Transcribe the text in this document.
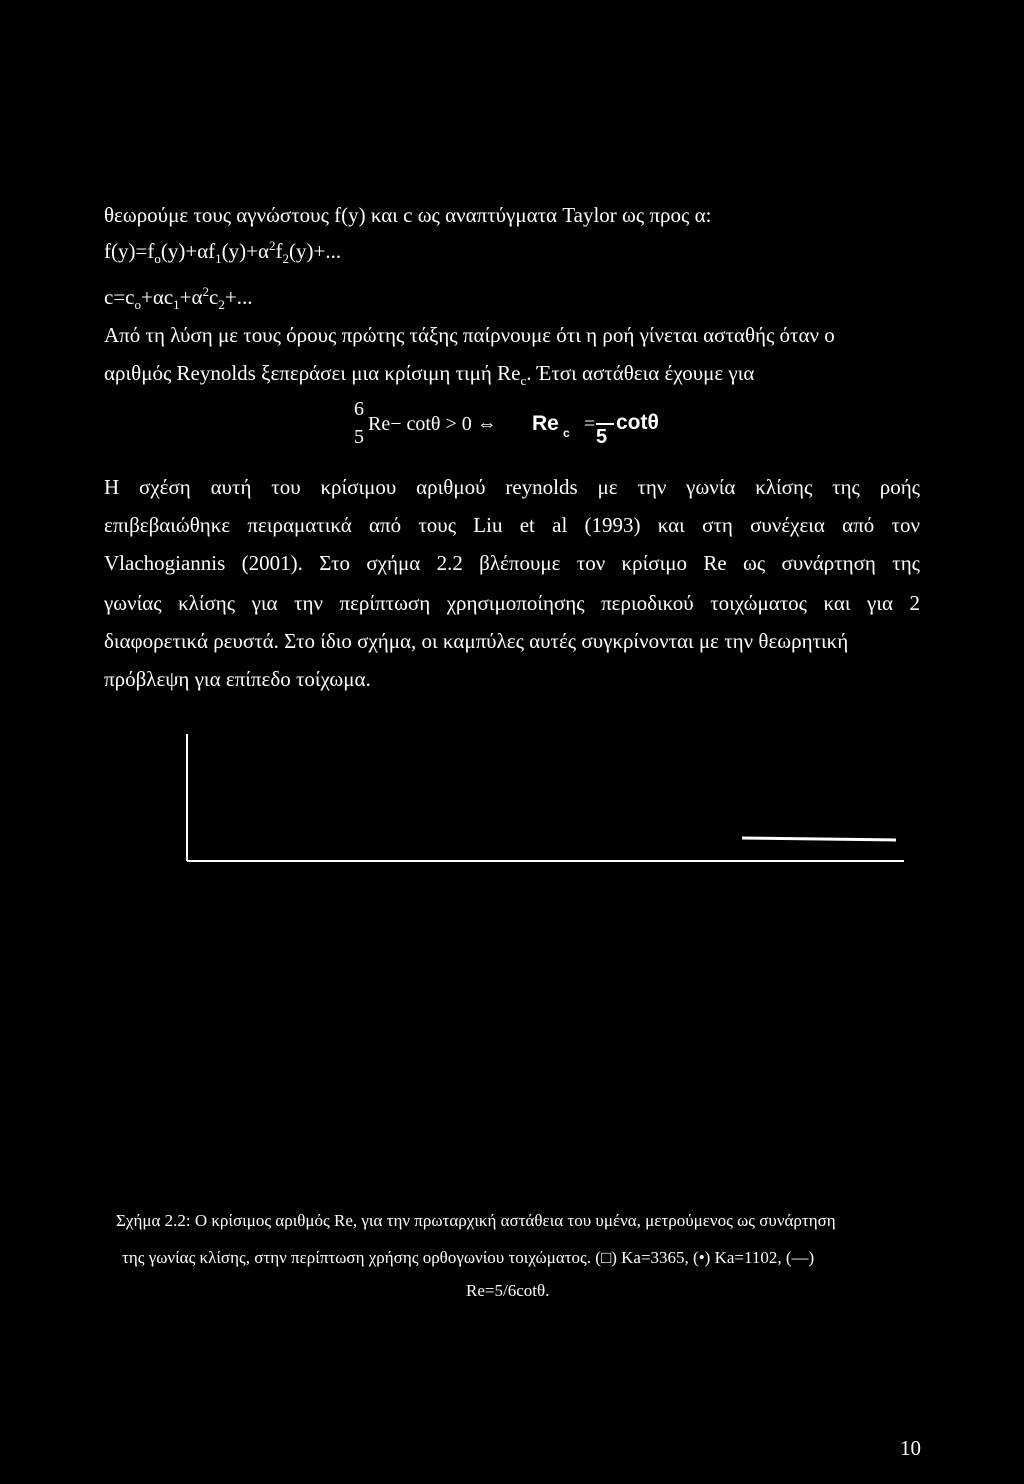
θεωρούμε τους αγνώστους f(y) και c ως αναπτύγματα Taylor ως προς α:
$f(y)=f_o(y)+\alpha f_1(y)+\alpha^2f_2(y)+$...
$c=c_o+\alpha c_1+\alpha^2c_2+$...
Από τη λύση με τους όρους πρώτης τάξης παίρνουμε ότι η ροή γίνεται ασταθής όταν ο
αριθμός Reynolds ξεπεράσει μια κρίσιμη τιμή $Re_c$. Έτσι αστάθεια έχουμε για
6
5
Re− cotθ > 0 ⇔ Re c =
5
cotθ
Η σχέση αυτή του κρίσιμου αριθμού reynolds με την γωνία κλίσης της ροής
επιβεβαιώθηκε πειραματικά από τους Liu et al (1993) και στη συνέχεια από τον
Vlachogiannis (2001). Στο σχήμα 2.2 βλέπουμε τον κρίσιμο Re ως συνάρτηση της
γωνίας κλίσης για την περίπτωση χρησιμοποίησης περιοδικού τοιχώματος και για 2
διαφορετικά ρευστά. Στο ίδιο σχήμα, οι καμπύλες αυτές συγκρίνονται με την θεωρητική
πρόβλεψη για επίπεδο τοίχωμα.
Σχήμα 2.2: Ο κρίσιμος αριθμός Re, για την πρωταρχική αστάθεια του υμένα, μετρούμενος ως συνάρτηση
της γωνίας κλίσης, στην περίπτωση χρήσης ορθογωνίου τοιχώματος. (□) Ka=3365, (•) Ka=1102, (—)
Re=5/6cotθ.
10
